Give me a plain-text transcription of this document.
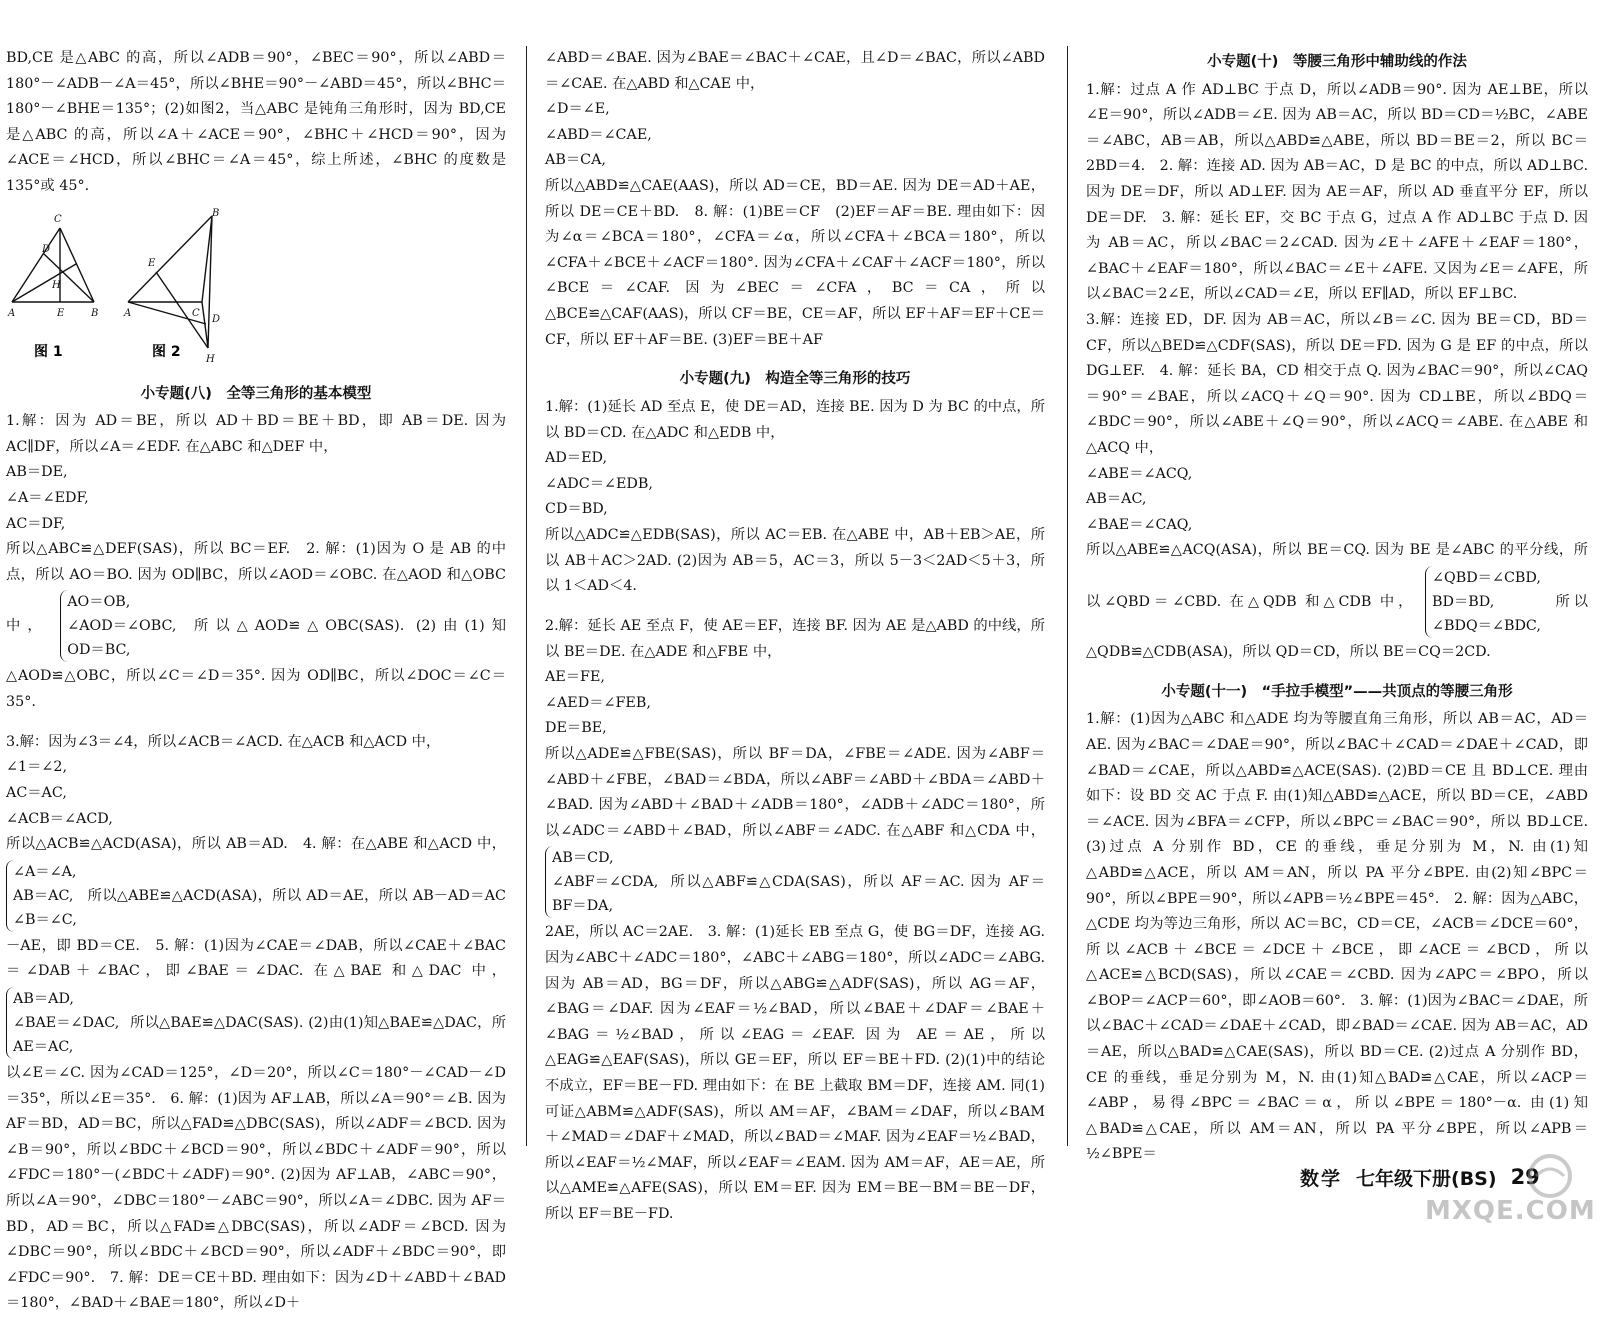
BD,CE 是△ABC 的高，所以∠ADB＝90°，∠BEC＝90°，所以∠ABD＝180°－∠ADB－∠A＝45°，所以∠BHE＝90°－∠ABD＝45°，所以∠BHC＝180°－∠BHE＝135°；(2)如图2，当△ABC 是钝角三角形时，因为 BD,CE 是△ABC 的高，所以∠A＋∠ACE＝90°，∠BHC＋∠HCD＝90°，因为∠ACE＝∠HCD，所以∠BHC＝∠A＝45°，综上所述，∠BHC 的度数是 135°或 45°.

C
D
H
A	E	B
B
E
A	C
D
H
图 1	图 2
小专题(八)　全等三角形的基本模型

1.解：因为 AD＝BE，所以 AD＋BD＝BE＋BD，即 AB＝DE. 因为 AC∥DF，所以∠A＝∠EDF. 在△ABC 和△DEF 中，

AB＝DE,
∠A＝∠EDF,
AC＝DF,
所以△ABC≌△DEF(SAS)，所以 BC＝EF.　2. 解：(1)因为 O 是 AB 的中点，所以 AO＝BO. 因为 OD∥BC，所以∠AOD＝∠OBC. 在△AOD 和△OBC 中，
AO＝OB,
∠AOD＝∠OBC,
OD＝BC,
所以△AOD≌△OBC(SAS). (2)由(1)知△AOD≌△OBC，所以∠C＝∠D＝35°. 因为 OD∥BC，所以∠DOC＝∠C＝35°.

3.解：因为∠3＝∠4，所以∠ACB＝∠ACD. 在△ACB 和△ACD 中，

∠1＝∠2,
AC＝AC,
∠ACB＝∠ACD,
所以△ACB≌△ACD(ASA)，所以 AB＝AD.　4. 解：在△ABE 和△ACD 中，
∠A＝∠A,
AB＝AC,
∠B＝∠C,
所以△ABE≌△ACD(ASA)，所以 AD＝AE，所以 AB－AD＝AC－AE，即 BD＝CE.　5. 解：(1)因为∠CAE＝∠DAB，所以∠CAE＋∠BAC＝∠DAB＋∠BAC，即∠BAE＝∠DAC. 在△BAE 和△DAC 中，
AB＝AD,
∠BAE＝∠DAC,
AE＝AC,
所以△BAE≌△DAC(SAS). (2)由(1)知△BAE≌△DAC，所以∠E＝∠C. 因为∠CAD＝125°，∠D＝20°，所以∠C＝180°－∠CAD－∠D＝35°，所以∠E＝35°.　6. 解：(1)因为 AF⊥AB，所以∠A＝90°＝∠B. 因为 AF＝BD，AD＝BC，所以△FAD≌△DBC(SAS)，所以∠ADF＝∠BCD. 因为∠B＝90°，所以∠BDC＋∠BCD＝90°，所以∠BDC＋∠ADF＝90°，所以∠FDC＝180°－(∠BDC＋∠ADF)＝90°. (2)因为 AF⊥AB，∠ABC＝90°，所以∠A＝90°，∠DBC＝180°－∠ABC＝90°，所以∠A＝∠DBC. 因为 AF＝BD，AD＝BC，所以△FAD≌△DBC(SAS)，所以∠ADF＝∠BCD. 因为∠DBC＝90°，所以∠BDC＋∠BCD＝90°，所以∠ADF＋∠BDC＝90°，即∠FDC＝90°.　7. 解：DE＝CE＋BD. 理由如下：因为∠D＋∠ABD＋∠BAD＝180°，∠BAD＋∠BAE＝180°，所以∠D＋

∠ABD＝∠BAE. 因为∠BAE＝∠BAC＋∠CAE，且∠D＝∠BAC，所以∠ABD＝∠CAE. 在△ABD 和△CAE 中，

∠D＝∠E,
∠ABD＝∠CAE,
AB＝CA,
所以△ABD≌△CAE(AAS)，所以 AD＝CE，BD＝AE. 因为 DE＝AD＋AE，所以 DE＝CE＋BD.　8. 解：(1)BE＝CF　(2)EF＝AF＝BE. 理由如下：因为∠α＝∠BCA＝180°，∠CFA＝∠α，所以∠CFA＋∠BCA＝180°，所以∠CFA＋∠BCE＋∠ACF＝180°. 因为∠CFA＋∠CAF＋∠ACF＝180°，所以∠BCE＝∠CAF. 因为∠BEC＝∠CFA，BC＝CA，所以△BCE≌△CAF(AAS)，所以 CF＝BE，CE＝AF，所以 EF＋AF＝EF＋CE＝CF，所以 EF＋AF＝BE. (3)EF＝BE＋AF

小专题(九)　构造全等三角形的技巧

1.解：(1)延长 AD 至点 E，使 DE＝AD，连接 BE. 因为 D 为 BC 的中点，所以 BD＝CD. 在△ADC 和△EDB 中，

AD＝ED,
∠ADC＝∠EDB,
CD＝BD,
所以△ADC≌△EDB(SAS)，所以 AC＝EB. 在△ABE 中，AB＋EB＞AE，所以 AB＋AC＞2AD. (2)因为 AB＝5，AC＝3，所以 5－3＜2AD＜5＋3，所以 1＜AD＜4.

2.解：延长 AE 至点 F，使 AE＝EF，连接 BF. 因为 AE 是△ABD 的中线，所以 BE＝DE. 在△ADE 和△FBE 中，

AE＝FE,
∠AED＝∠FEB,
DE＝BE,
所以△ADE≌△FBE(SAS)，所以 BF＝DA，∠FBE＝∠ADE. 因为∠ABF＝∠ABD＋∠FBE，∠BAD＝∠BDA，所以∠ABF＝∠ABD＋∠BDA＝∠ABD＋∠BAD. 因为∠ABD＋∠BAD＋∠ADB＝180°，∠ADB＋∠ADC＝180°，所以∠ADC＝∠ABD＋∠BAD，所以∠ABF＝∠ADC. 在△ABF 和△CDA 中，
AB＝CD,
∠ABF＝∠CDA,
BF＝DA,
所以△ABF≌△CDA(SAS)，所以 AF＝AC. 因为 AF＝2AE，所以 AC＝2AE.　3. 解：(1)延长 EB 至点 G，使 BG＝DF，连接 AG. 因为∠ABC＋∠ADC＝180°，∠ABC＋∠ABG＝180°，所以∠ADC＝∠ABG. 因为 AB＝AD，BG＝DF，所以△ABG≌△ADF(SAS)，所以 AG＝AF，∠BAG＝∠DAF. 因为∠EAF＝½∠BAD，所以∠BAE＋∠DAF＝∠BAE＋∠BAG＝½∠BAD，所以∠EAG＝∠EAF. 因为 AE＝AE，所以△EAG≌△EAF(SAS)，所以 GE＝EF，所以 EF＝BE＋FD. (2)(1)中的结论不成立，EF＝BE－FD. 理由如下：在 BE 上截取 BM＝DF，连接 AM. 同(1)可证△ABM≌△ADF(SAS)，所以 AM＝AF，∠BAM＝∠DAF，所以∠BAM＋∠MAD＝∠DAF＋∠MAD，所以∠BAD＝∠MAF. 因为∠EAF＝½∠BAD，所以∠EAF＝½∠MAF，所以∠EAF＝∠EAM. 因为 AM＝AF，AE＝AE，所以△AME≌△AFE(SAS)，所以 EM＝EF. 因为 EM＝BE－BM＝BE－DF，所以 EF＝BE－FD.

小专题(十)　等腰三角形中辅助线的作法

1.解：过点 A 作 AD⊥BC 于点 D，所以∠ADB＝90°. 因为 AE⊥BE，所以∠E＝90°，所以∠ADB＝∠E. 因为 AB＝AC，所以 BD＝CD＝½BC，∠ABE＝∠ABC，AB＝AB，所以△ABD≌△ABE，所以 BD＝BE＝2，所以 BC＝2BD＝4.　2. 解：连接 AD. 因为 AB＝AC，D 是 BC 的中点，所以 AD⊥BC. 因为 DE＝DF，所以 AD⊥EF. 因为 AE＝AF，所以 AD 垂直平分 EF，所以 DE＝DF.　3. 解：延长 EF，交 BC 于点 G，过点 A 作 AD⊥BC 于点 D. 因为 AB＝AC，所以∠BAC＝2∠CAD. 因为∠E＋∠AFE＋∠EAF＝180°，∠BAC＋∠EAF＝180°，所以∠BAC＝∠E＋∠AFE. 又因为∠E＝∠AFE，所以∠BAC＝2∠E，所以∠CAD＝∠E，所以 EF∥AD，所以 EF⊥BC.

3.解：连接 ED，DF. 因为 AB＝AC，所以∠B＝∠C. 因为 BE＝CD，BD＝CF，所以△BED≌△CDF(SAS)，所以 DE＝FD. 因为 G 是 EF 的中点，所以 DG⊥EF.　4. 解：延长 BA，CD 相交于点 Q. 因为∠BAC＝90°，所以∠CAQ＝90°＝∠BAE，所以∠ACQ＋∠Q＝90°. 因为 CD⊥BE，所以∠BDQ＝∠BDC＝90°，所以∠ABE＋∠Q＝90°，所以∠ACQ＝∠ABE. 在△ABE 和△ACQ 中，

∠ABE＝∠ACQ,
AB＝AC,
∠BAE＝∠CAQ,
所以△ABE≌△ACQ(ASA)，所以 BE＝CQ. 因为 BE 是∠ABC 的平分线，所以∠QBD＝∠CBD. 在△QDB 和△CDB 中，
∠QBD＝∠CBD,
BD＝BD,
∠BDQ＝∠BDC,
所以△QDB≌△CDB(ASA)，所以 QD＝CD，所以 BE＝CQ＝2CD.

小专题(十一)　“手拉手模型”——共顶点的等腰三角形

1.解：(1)因为△ABC 和△ADE 均为等腰直角三角形，所以 AB＝AC，AD＝AE. 因为∠BAC＝∠DAE＝90°，所以∠BAC＋∠CAD＝∠DAE＋∠CAD，即∠BAD＝∠CAE，所以△ABD≌△ACE(SAS). (2)BD＝CE 且 BD⊥CE. 理由如下：设 BD 交 AC 于点 F. 由(1)知△ABD≌△ACE，所以 BD＝CE，∠ABD＝∠ACE. 因为∠BFA＝∠CFP，所以∠BPC＝∠BAC＝90°，所以 BD⊥CE. (3)过点 A 分别作 BD，CE 的垂线，垂足分别为 M，N. 由(1)知△ABD≌△ACE，所以 AM＝AN，所以 PA 平分∠BPE. 由(2)知∠BPC＝90°，所以∠BPE＝90°，所以∠APB＝½∠BPE＝45°.　2. 解：因为△ABC，△CDE 均为等边三角形，所以 AC＝BC，CD＝CE，∠ACB＝∠DCE＝60°，所以∠ACB＋∠BCE＝∠DCE＋∠BCE，即∠ACE＝∠BCD，所以△ACE≌△BCD(SAS)，所以∠CAE＝∠CBD. 因为∠APC＝∠BPO，所以∠BOP＝∠ACP＝60°，即∠AOB＝60°.　3. 解：(1)因为∠BAC＝∠DAE，所以∠BAC＋∠CAD＝∠DAE＋∠CAD，即∠BAD＝∠CAE. 因为 AB＝AC，AD＝AE，所以△BAD≌△CAE(SAS)，所以 BD＝CE. (2)过点 A 分别作 BD，CE 的垂线，垂足分别为 M，N. 由(1)知△BAD≌△CAE，所以∠ACP＝∠ABP，易得∠BPC＝∠BAC＝α，所以∠BPE＝180°－α. 由(1)知△BAD≌△CAE，所以 AM＝AN，所以 PA 平分∠BPE，所以∠APB＝½∠BPE＝

数学 七年级下册(BS) 29
MXQE.COM
